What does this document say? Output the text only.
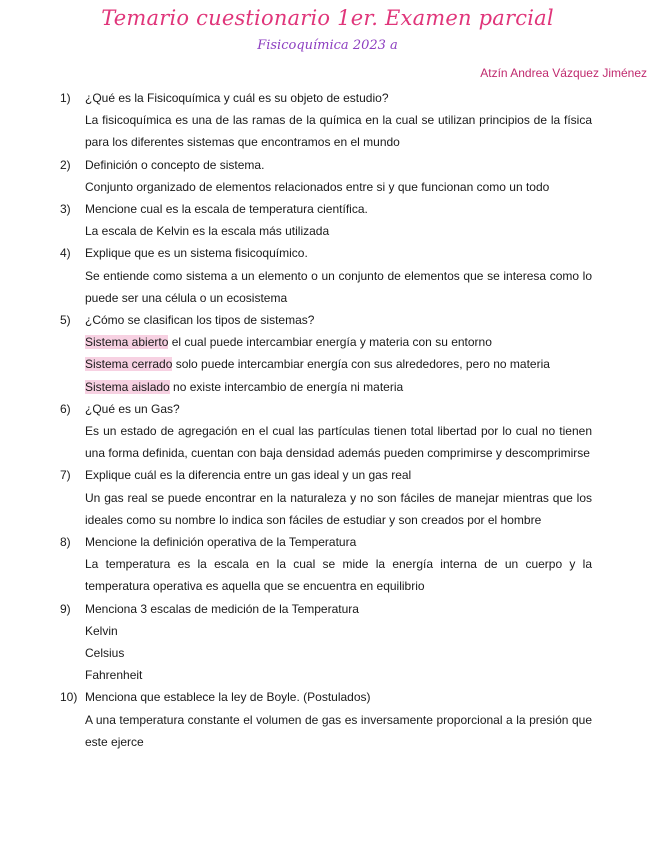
Temario cuestionario 1er. Examen parcial
Fisicoquímica 2023 a
Atzín Andrea Vázquez Jiménez
1) ¿Qué es la Fisicoquímica y cuál es su objeto de estudio?
La fisicoquímica es una de las ramas de la química en la cual se utilizan principios de la física para los diferentes sistemas que encontramos en el mundo
2) Definición o concepto de sistema.
Conjunto organizado de elementos relacionados entre si y que funcionan como un todo
3) Mencione cual es la escala de temperatura científica.
La escala de Kelvin es la escala más utilizada
4) Explique que es un sistema fisicoquímico.
Se entiende como sistema a un elemento o un conjunto de elementos que se interesa como lo puede ser una célula o un ecosistema
5) ¿Cómo se clasifican los tipos de sistemas?
Sistema abierto el cual puede intercambiar energía y materia con su entorno
Sistema cerrado solo puede intercambiar energía con sus alrededores, pero no materia
Sistema aislado no existe intercambio de energía ni materia
6) ¿Qué es un Gas?
Es un estado de agregación en el cual las partículas tienen total libertad por lo cual no tienen una forma definida, cuentan con baja densidad además pueden comprimirse y descomprimirse
7) Explique cuál es la diferencia entre un gas ideal y un gas real
Un gas real se puede encontrar en la naturaleza y no son fáciles de manejar mientras que los ideales como su nombre lo indica son fáciles de estudiar y son creados por el hombre
8) Mencione la definición operativa de la Temperatura
La temperatura es la escala en la cual se mide la energía interna de un cuerpo y la temperatura operativa es aquella que se encuentra en equilibrio
9) Menciona 3 escalas de medición de la Temperatura
Kelvin
Celsius
Fahrenheit
10) Menciona que establece la ley de Boyle. (Postulados)
A una temperatura constante el volumen de gas es inversamente proporcional a la presión que este ejerce
